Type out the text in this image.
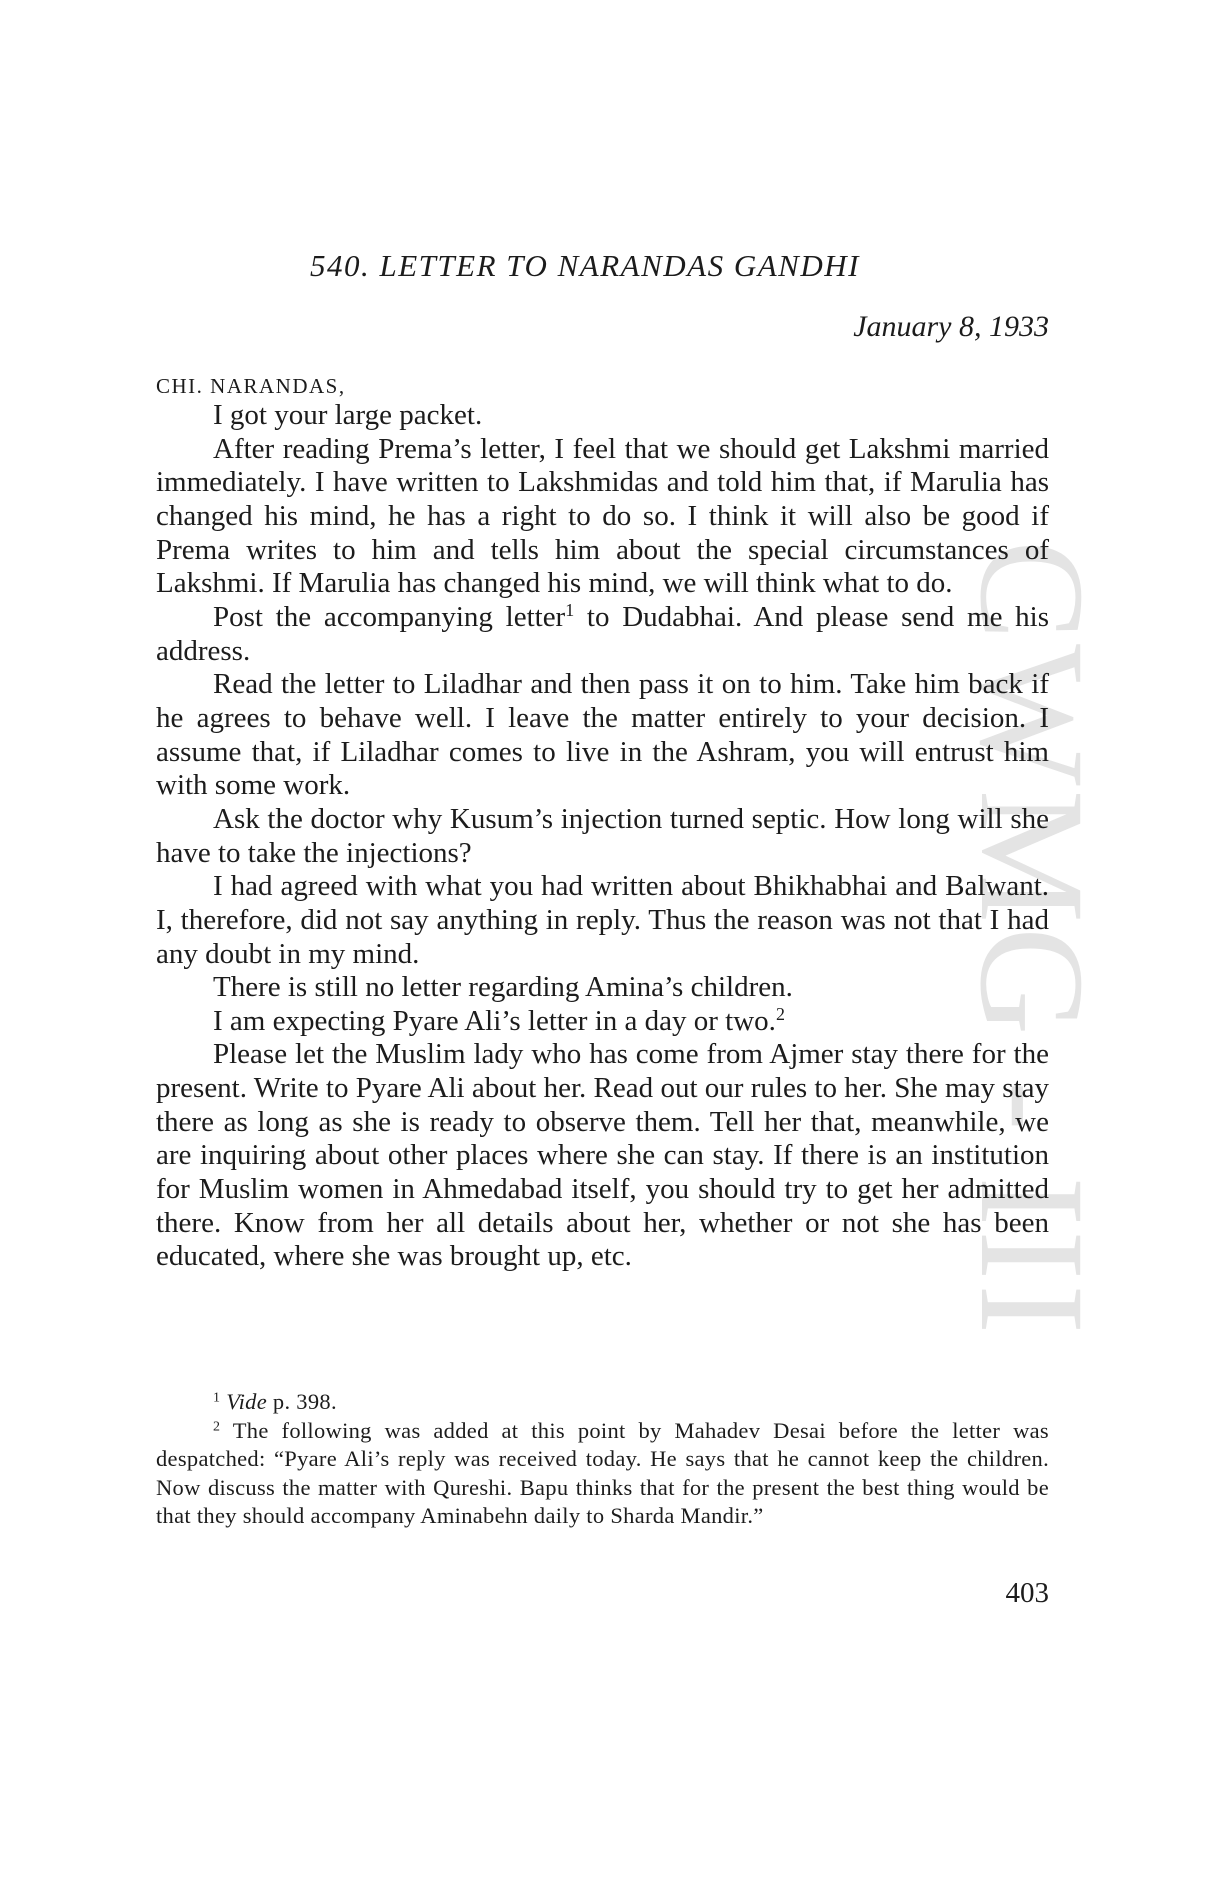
CWMG - III
540. LETTER TO NARANDAS GANDHI
January 8, 1933
CHI. NARANDAS,

I got your large packet.

After reading Prema’s letter, I feel that we should get Lakshmi married immediately. I have written to Lakshmidas and told him that, if Marulia has changed his mind, he has a right to do so. I think it will also be good if Prema writes to him and tells him about the special circumstances of Lakshmi. If Marulia has changed his mind, we will think what to do.

Post the accompanying letter$^1$ to Dudabhai. And please send me his address.

Read the letter to Liladhar and then pass it on to him. Take him back if he agrees to behave well. I leave the matter entirely to your decision. I assume that, if Liladhar comes to live in the Ashram, you will entrust him with some work.

Ask the doctor why Kusum’s injection turned septic. How long will she have to take the injections?

I had agreed with what you had written about Bhikhabhai and Balwant. I, therefore, did not say anything in reply. Thus the reason was not that I had any doubt in my mind.

There is still no letter regarding Amina’s children.

I am expecting Pyare Ali’s letter in a day or two.$^2$

Please let the Muslim lady who has come from Ajmer stay there for the present. Write to Pyare Ali about her. Read out our rules to her. She may stay there as long as she is ready to observe them. Tell her that, meanwhile, we are inquiring about other places where she can stay. If there is an institution for Muslim women in Ahmedabad itself, you should try to get her admitted there. Know from her all details about her, whether or not she has been educated, where she was brought up, etc.

$^1$ Vide p. 398.

$^2$ The following was added at this point by Mahadev Desai before the letter was despatched: “Pyare Ali’s reply was received today. He says that he cannot keep the children. Now discuss the matter with Qureshi. Bapu thinks that for the present the best thing would be that they should accompany Aminabehn daily to Sharda Mandir.”

403
